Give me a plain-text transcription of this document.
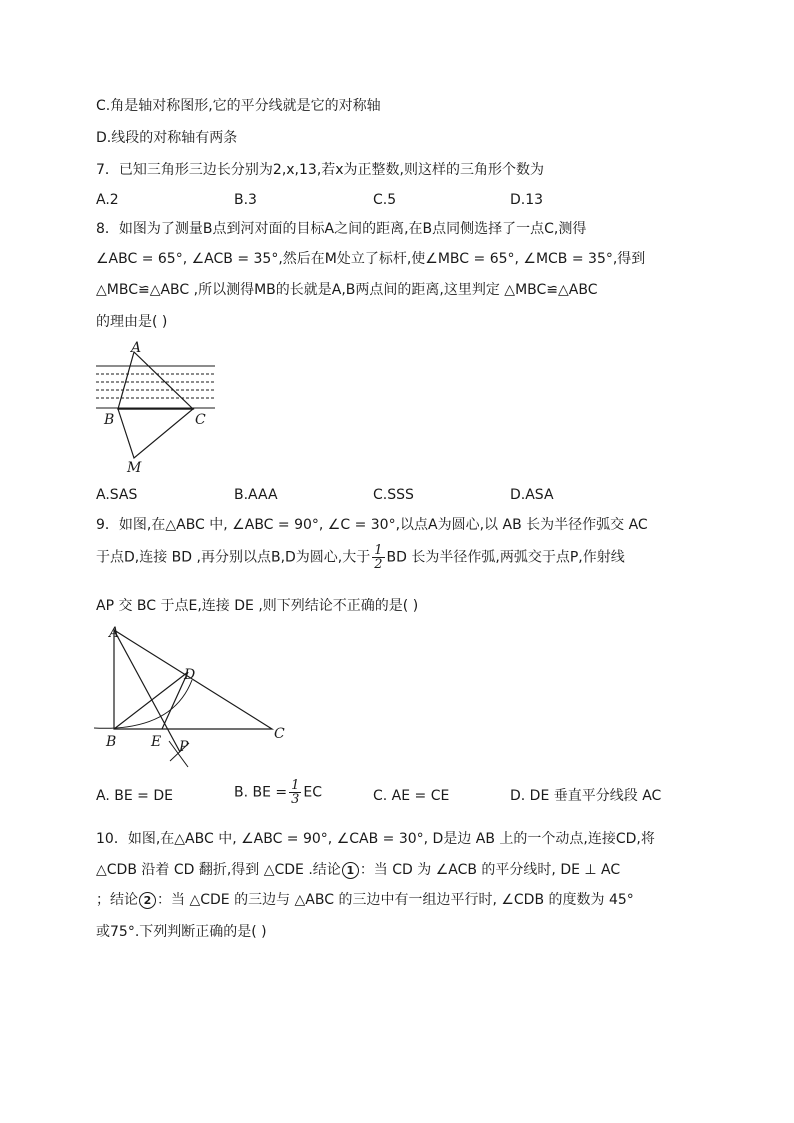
C.角是轴对称图形,它的平分线就是它的对称轴
D.线段的对称轴有两条
7．已知三角形三边长分别为2,x,13,若x为正整数,则这样的三角形个数为
A.2	B.3	C.5	D.13
8．如图为了测量B点到河对面的目标A之间的距离,在B点同侧选择了一点C,测得
∠ABC = 65°, ∠ACB = 35°,然后在M处立了标杆,使∠MBC = 65°, ∠MCB = 35°,得到
△MBC≌△ABC ,所以测得MB的长就是A,B两点间的距离,这里判定 △MBC≌△ABC
的理由是( )
A
B	C
M
A.SAS	B.AAA	C.SSS	D.ASA
9．如图,在△ABC 中, ∠ABC = 90°, ∠C = 30°,以点A为圆心,以 AB 长为半径作弧交 AC
于点D,连接 BD ,再分别以点B,D为圆心,大于 $\frac{1}{2}$ BD 长为半径作弧,两弧交于点P,作射线
AP 交 BC 于点E,连接 DE ,则下列结论不正确的是( )
A
B	C
D
E P
A. BE = DE	B. BE = $\frac{1}{3}$ EC	C. AE = CE	D. DE 垂直平分线段 AC
10．如图,在△ABC 中, ∠ABC = 90°, ∠CAB = 30°, D是边 AB 上的一个动点,连接CD,将
△CDB 沿着 CD 翻折,得到 △CDE .结论 1 ：当 CD 为 ∠ACB 的平分线时, DE ⊥ AC
；结论 2 ：当 △CDE 的三边与 △ABC 的三边中有一组边平行时, ∠CDB 的度数为 45°
或75°.下列判断正确的是( )
